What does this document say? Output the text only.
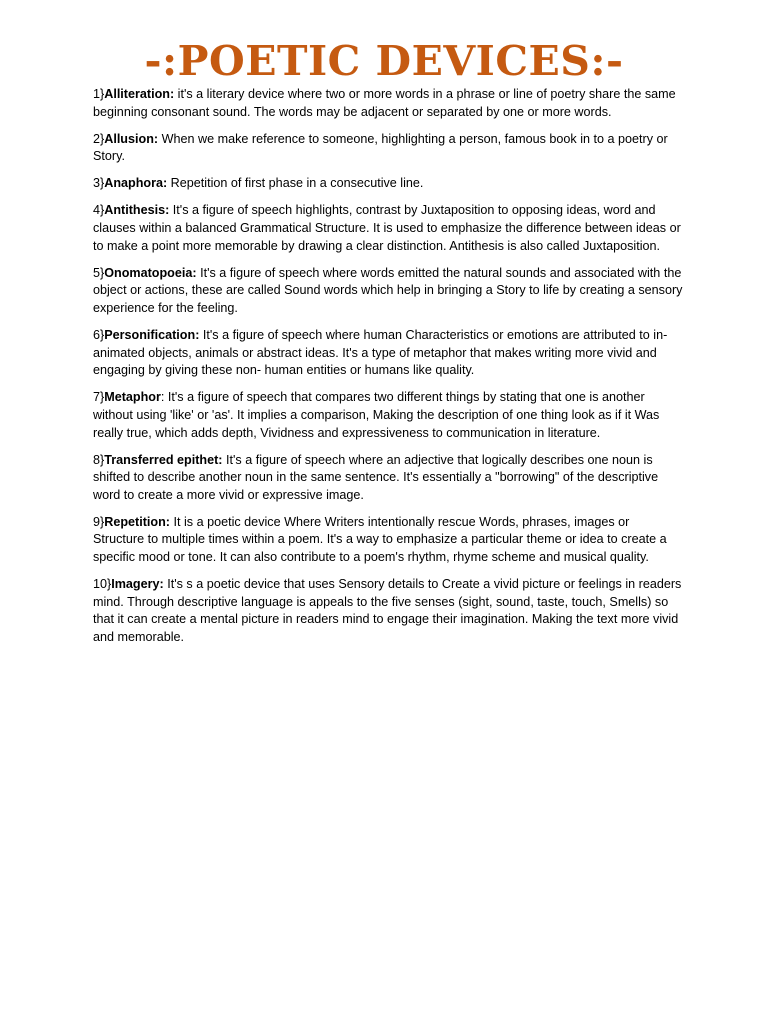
-:POETIC DEVICES:-

1}Alliteration: it's a literary device where two or more words in a phrase or line of poetry share the same beginning consonant sound. The words may be adjacent or separated by one or more words.

2}Allusion: When we make reference to someone, highlighting a person, famous book in to a poetry or Story.

3}Anaphora: Repetition of first phase in a consecutive line.

4}Antithesis: It's a figure of speech highlights, contrast by Juxtaposition to opposing ideas, word and clauses within a balanced Grammatical Structure. It is used to emphasize the difference between ideas or to make a point more memorable by drawing a clear distinction. Antithesis is also called Juxtaposition.

5}Onomatopoeia: It's a figure of speech where words emitted the natural sounds and associated with the object or actions, these are called Sound words which help in bringing a Story to life by creating a sensory experience for the feeling.

6}Personification: It's a figure of speech where human Characteristics or emotions are attributed to in-animated objects, animals or abstract ideas. It's a type of metaphor that makes writing more vivid and engaging by giving these non- human entities or humans like quality.

7}Metaphor: It's a figure of speech that compares two different things by stating that one is another without using 'like' or 'as'. It implies a comparison, Making the description of one thing look as if it Was really true, which adds depth, Vividness and expressiveness to communication in literature.

8}Transferred epithet: It's a figure of speech where an adjective that logically describes one noun is shifted to describe another noun in the same sentence. It's essentially a "borrowing" of the descriptive word to create a more vivid or expressive image.

9}Repetition: It is a poetic device Where Writers intentionally rescue Words, phrases, images or Structure to multiple times within a poem. It's a way to emphasize a particular theme or idea to create a specific mood or tone. It can also contribute to a poem's rhythm, rhyme scheme and musical quality.

10}Imagery: It's s a poetic device that uses Sensory details to Create a vivid picture or feelings in readers mind. Through descriptive language is appeals to the five senses (sight, sound, taste, touch, Smells) so that it can create a mental picture in readers mind to engage their imagination. Making the text more vivid and memorable.
